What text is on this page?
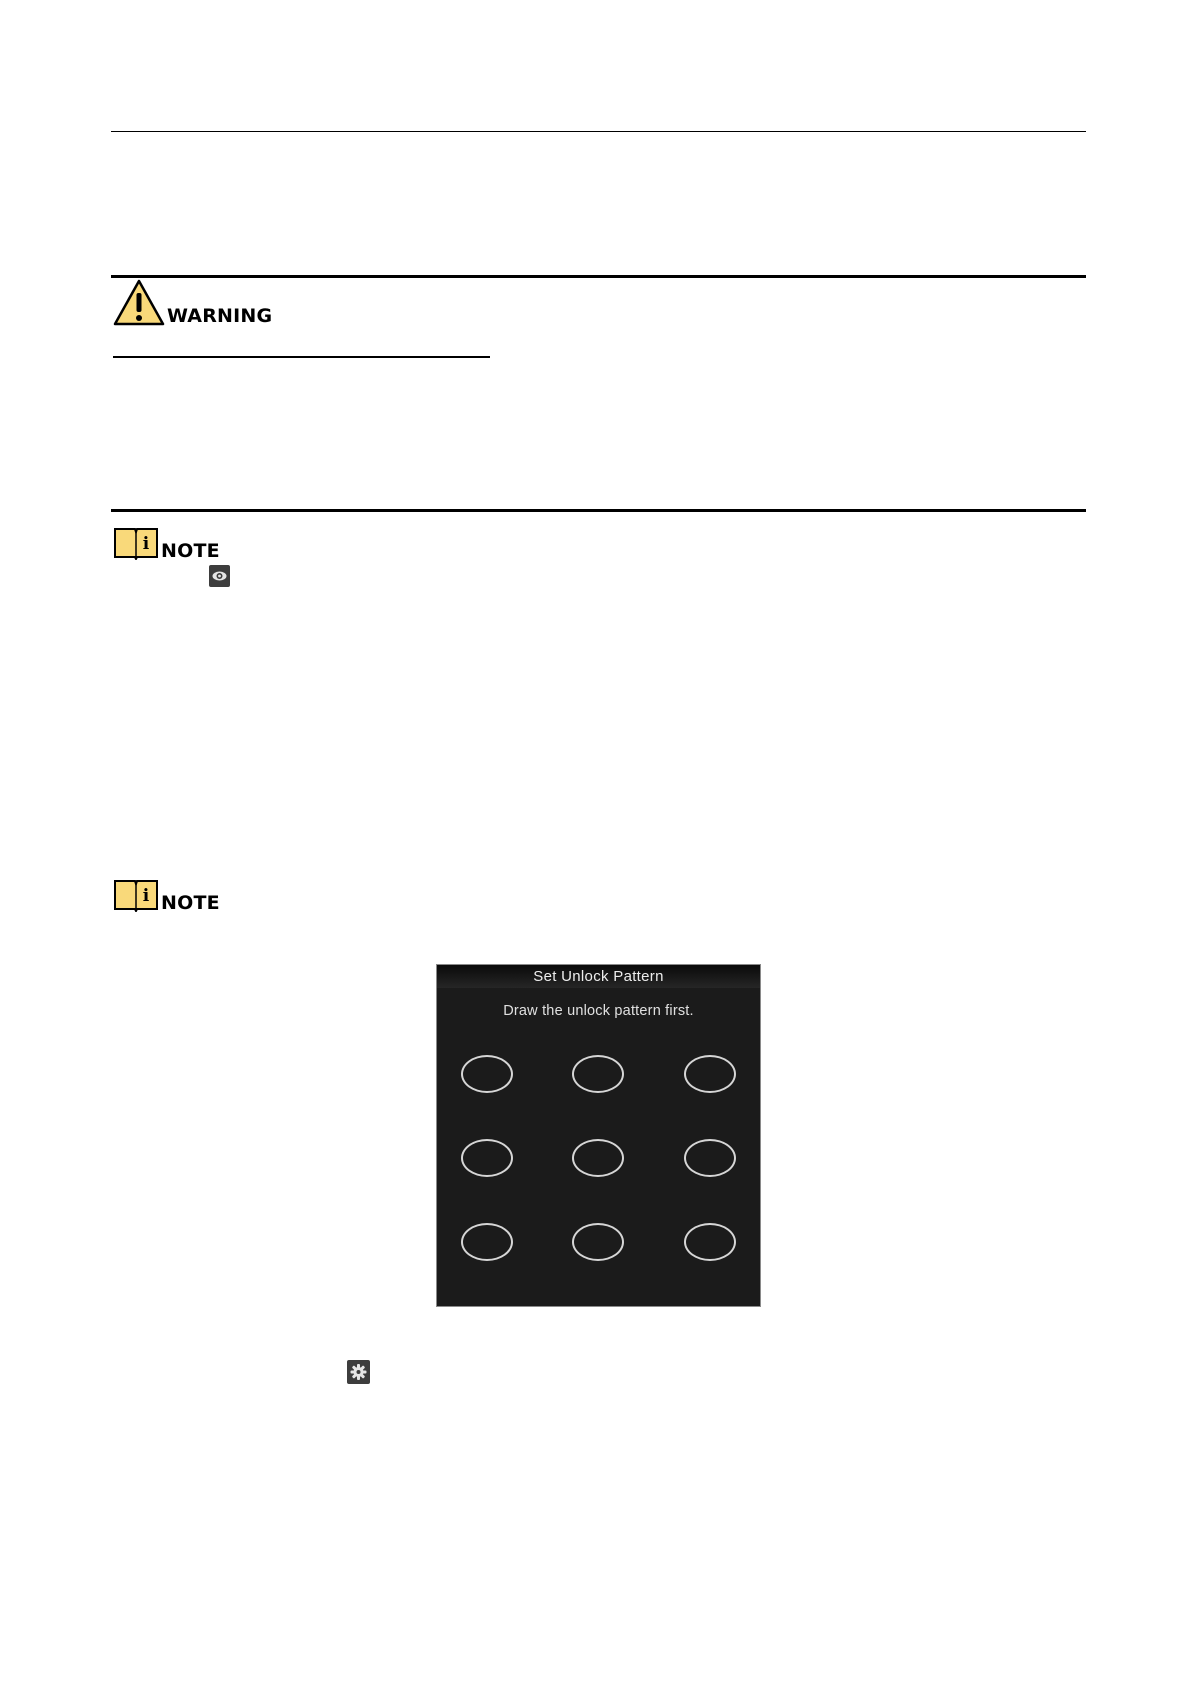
WARNING
i NOTE
i NOTE
Set Unlock Pattern
Draw the unlock pattern first.
